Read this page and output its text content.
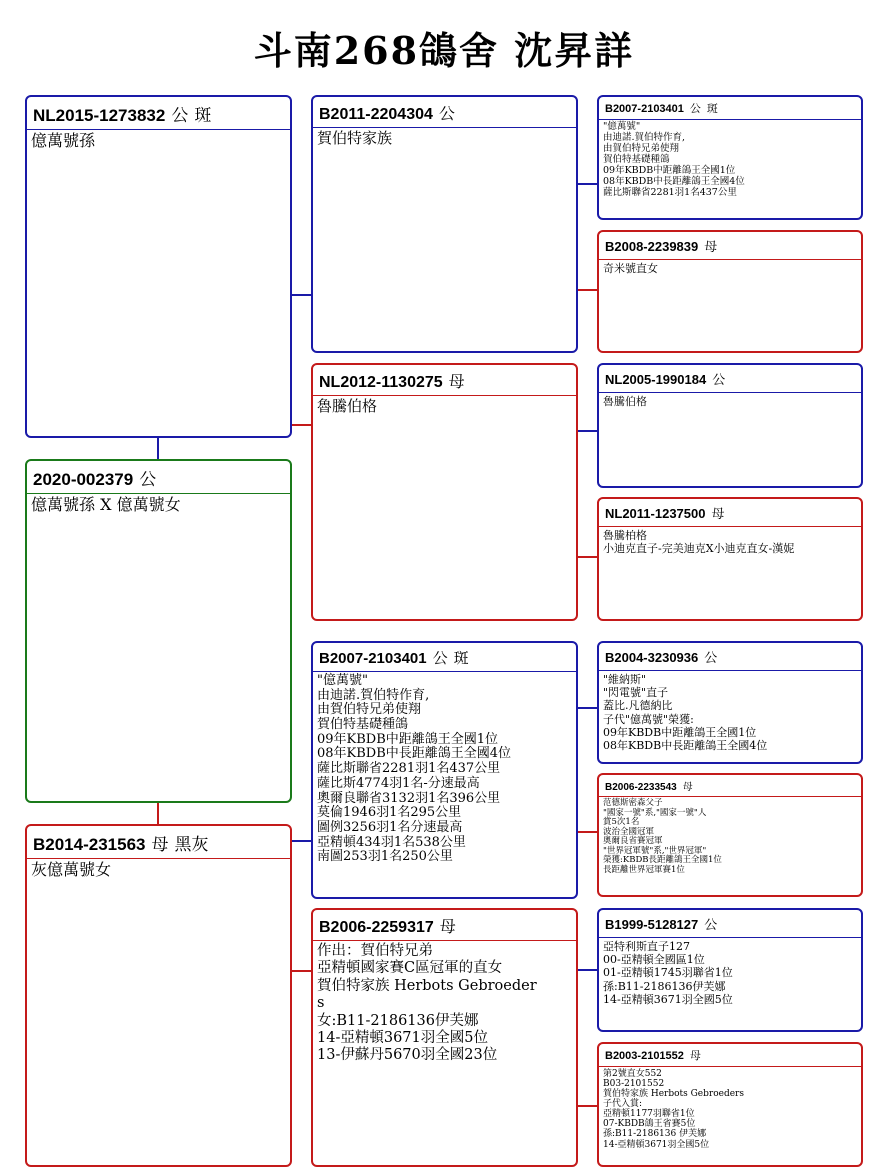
斗南268鴿舍 沈昇詳
NL2015-1273832 公 斑
億萬號孫
2020-002379 公
億萬號孫 X 億萬號女
B2014-231563 母 黑灰
灰億萬號女
B2011-2204304 公
賀伯特家族
NL2012-1130275 母
魯騰伯格
B2007-2103401 公 斑
"億萬號"
由迪諾.賀伯特作育,
由賀伯特兄弟使翔
賀伯特基礎種鴿
09年KBDB中距離鴿王全國1位
08年KBDB中長距離鴿王全國4位
薩比斯聯省2281羽1名437公里
薩比斯4774羽1名-分速最高
奧爾良聯省3132羽1名396公里
莫倫1946羽1名295公里
圖例3256羽1名分速最高
亞精頓434羽1名538公里
南圖253羽1名250公里
B2006-2259317 母
作出：賀伯特兄弟
亞精頓國家賽C區冠軍的直女
賀伯特家族 Herbots Gebroeder
s
女:B11-2186136伊芙娜
14-亞精頓3671羽全國5位
13-伊蘇丹5670羽全國23位
B2007-2103401 公 斑
"億萬號"
由迪諾.賀伯特作育,
由賀伯特兄弟使翔
賀伯特基礎種鴿
09年KBDB中距離鴿王全國1位
08年KBDB中長距離鴿王全國4位
薩比斯聯省2281羽1名437公里
B2008-2239839 母
奇米號直女
NL2005-1990184 公
魯騰伯格
NL2011-1237500 母
魯騰柏格
小迪克直子-完美迪克X小迪克直女-漢妮
B2004-3230936 公
"維納斯"
"閃電號"直子
蓋比.凡德納比
子代"億萬號"榮獲:
09年KBDB中距離鴿王全國1位
08年KBDB中長距離鴿王全國4位
B2006-2233543 母
范德斯密森父子
"國家一號"系,"國家一號"人
賞5次1名
波治全國冠軍
奧爾良省賽冠軍
"世界冠軍號"系,"世界冠軍"
榮獲:KBDB長距離鴿王全國1位
長距離世界冠軍賽1位
B1999-5128127 公
亞特利斯直子127
00-亞精頓全國區1位
01-亞精頓1745羽聯省1位
孫:B11-2186136伊芙娜
14-亞精頓3671羽全國5位
B2003-2101552 母
第2號直女552
B03-2101552
賀伯特家族 Herbots Gebroeders
子代入賞:
亞精頓1177羽聯省1位
07-KBDB鴿王省賽5位
孫:B11-2186136 伊芙娜
14-亞精頓3671羽全國5位
